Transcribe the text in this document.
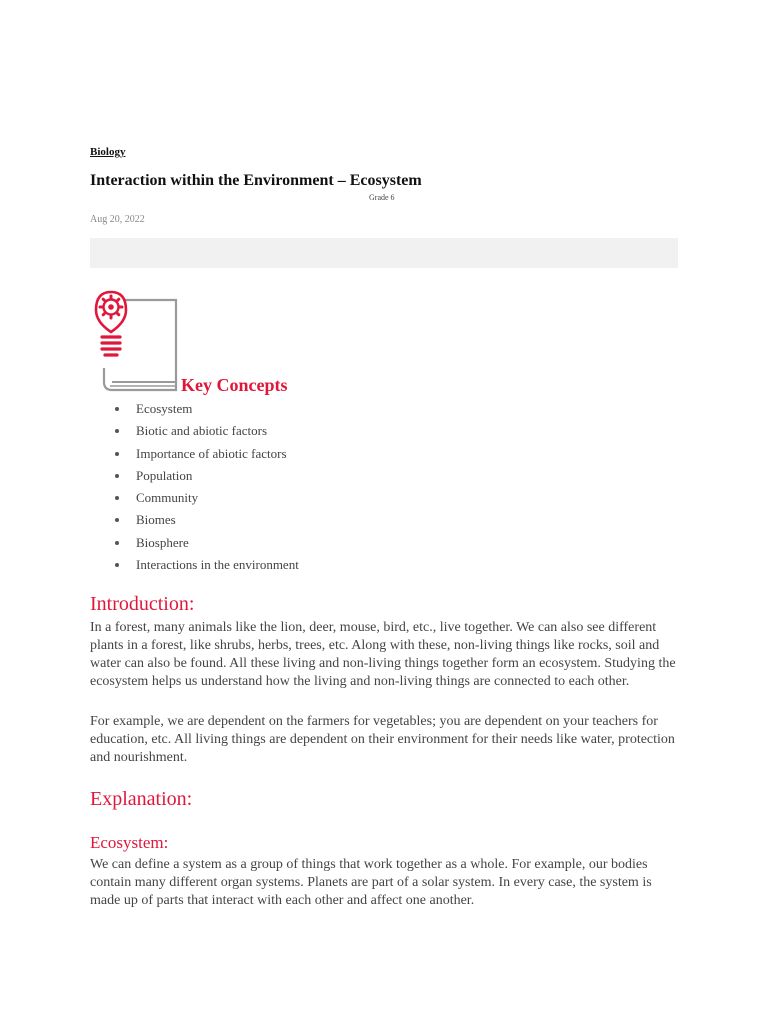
Biology
Interaction within the Environment – Ecosystem
Grade 6
Aug 20, 2022
Key Concepts
Ecosystem
Biotic and abiotic factors
Importance of abiotic factors
Population
Community
Biomes
Biosphere
Interactions in the environment
Introduction:

In a forest, many animals like the lion, deer, mouse, bird, etc., live together. We can also see different plants in a forest, like shrubs, herbs, trees, etc. Along with these, non-living things like rocks, soil and water can also be found. All these living and non-living things together form an ecosystem. Studying the ecosystem helps us understand how the living and non-living things are connected to each other.

For example, we are dependent on the farmers for vegetables; you are dependent on your teachers for education, etc. All living things are dependent on their environment for their needs like water, protection and nourishment.

Explanation:
Ecosystem:

We can define a system as a group of things that work together as a whole. For example, our bodies contain many different organ systems. Planets are part of a solar system. In every case, the system is made up of parts that interact with each other and affect one another.
